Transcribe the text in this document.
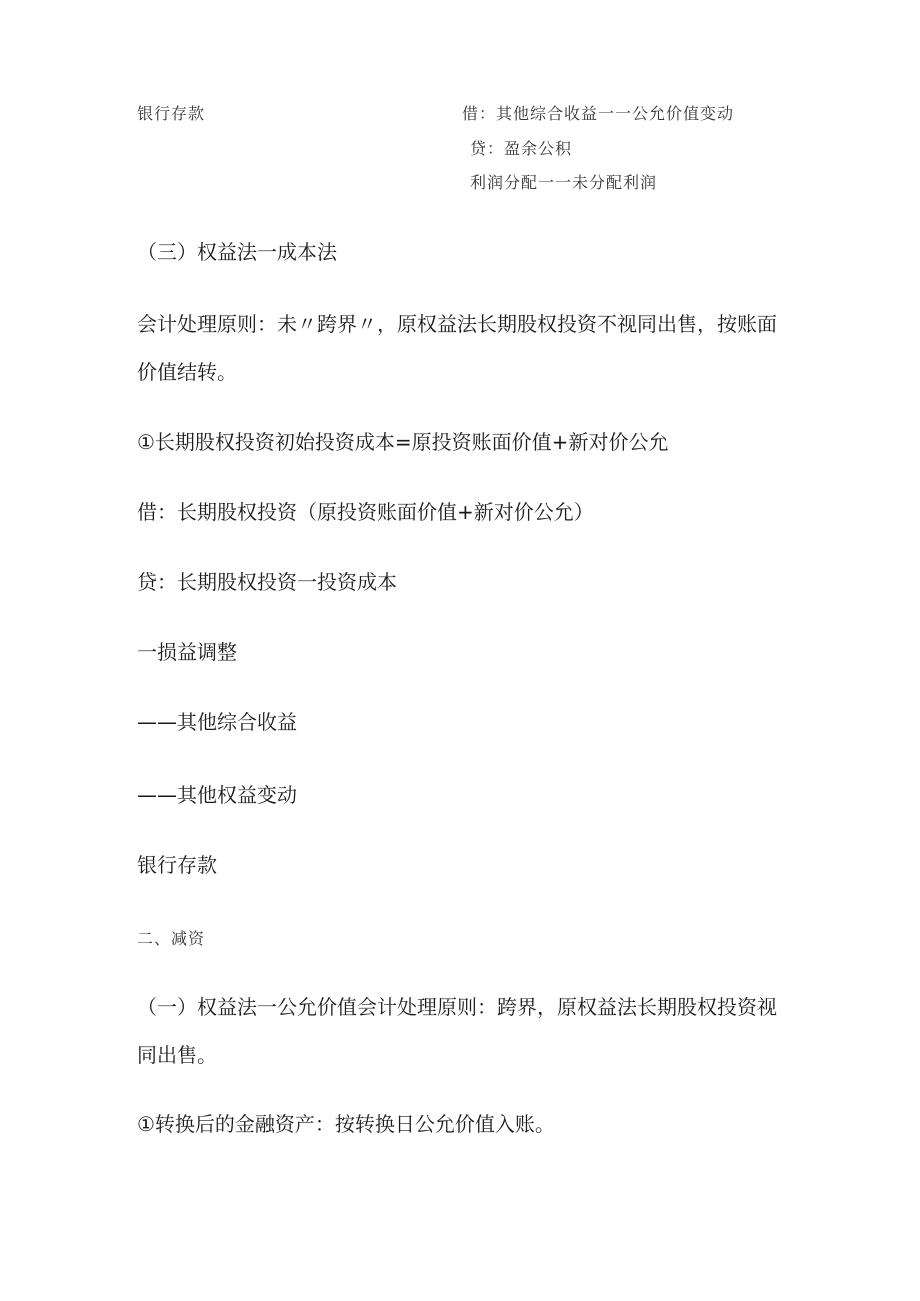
银行存款	借：其他综合收益一一公允价值变动
贷：盈余公积
利润分配一一未分配利润
（三）权益法一成本法
会计处理原则：未〃跨界〃，原权益法长期股权投资不视同出售，按账面
价值结转。
①长期股权投资初始投资成本=原投资账面价值+新对价公允
借：长期股权投资（原投资账面价值+新对价公允）
贷：长期股权投资一投资成本
一损益调整
——其他综合收益
——其他权益变动
银行存款
二、减资
（一）权益法一公允价值会计处理原则：跨界，原权益法长期股权投资视
同出售。
①转换后的金融资产：按转换日公允价值入账。
